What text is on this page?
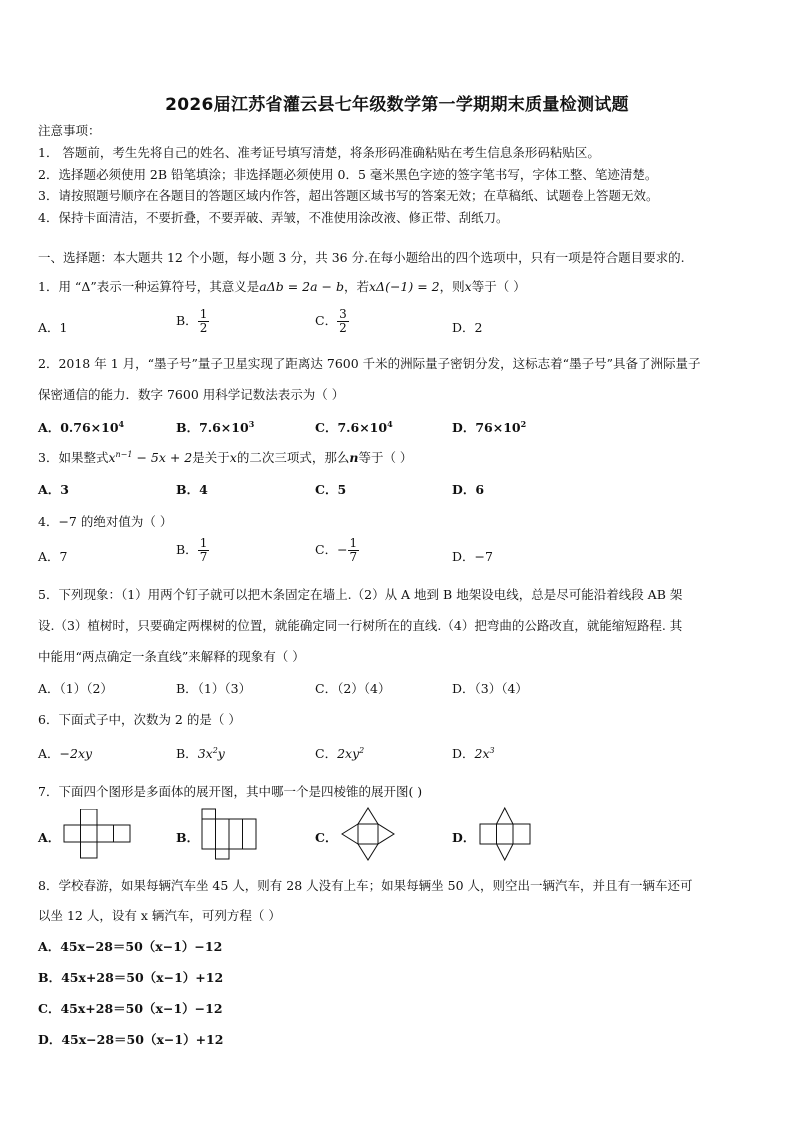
2026届江苏省灌云县七年级数学第一学期期末质量检测试题
注意事项：
1． 答题前，考生先将自己的姓名、准考证号填写清楚，将条形码准确粘贴在考生信息条形码粘贴区。
2．选择题必须使用 2B 铅笔填涂；非选择题必须使用 0．5 毫米黑色字迹的签字笔书写，字体工整、笔迹清楚。
3．请按照题号顺序在各题目的答题区域内作答，超出答题区域书写的答案无效；在草稿纸、试题卷上答题无效。
4．保持卡面清洁，不要折叠，不要弄破、弄皱，不准使用涂改液、修正带、刮纸刀。
一、选择题：本大题共 12 个小题，每小题 3 分，共 36 分.在每小题给出的四个选项中，只有一项是符合题目要求的.
1．用 “Δ”表示一种运算符号，其意义是aΔb = 2a − b，若xΔ(−1) = 2，则x等于（ ）
A．1	B． $\frac{1}{2}$	C． $\frac{3}{2}$	D．2
2．2018 年 1 月，“墨子号”量子卫星实现了距离达 7600 千米的洲际量子密钥分发，这标志着“墨子号”具备了洲际量子
保密通信的能力．数字 7600 用科学记数法表示为（ ）
A．$0.76\times 10^4$	B．$7.6\times 10^3$	C．$7.6\times 10^4$	D．$76\times 10^2$
3．如果整式$x^{n-1} - 5x + 2$是关于x的二次三项式，那么n等于（ ）
A．3	B．4	C．5	D．6
4．−7 的绝对值为（ ）
A．7	B． $\frac{1}{7}$	C．− $\frac{1}{7}$	D．−7
5．下列现象：（1）用两个钉子就可以把木条固定在墙上.（2）从 A 地到 B 地架设电线，总是尽可能沿着线段 AB 架
设.（3）植树时，只要确定两棵树的位置，就能确定同一行树所在的直线.（4）把弯曲的公路改直，就能缩短路程. 其
中能用“两点确定一条直线”来解释的现象有（ ）
A．（1）（2）	B．（1）（3）	C．（2）（4）	D．（3）（4）
6．下面式子中，次数为 2 的是（ ）
A．−2xy	B．$3x^2y$	C．$2xy^2$	D．$2x^3$
7．下面四个图形是多面体的展开图，其中哪一个是四棱锥的展开图( )
A．	B．	C．	D．
8．学校春游，如果每辆汽车坐 45 人，则有 28 人没有上车；如果每辆坐 50 人，则空出一辆汽车，并且有一辆车还可
以坐 12 人，设有 x 辆汽车，可列方程（ ）
A．45x−28＝50（x−1）−12
B．45x+28＝50（x−1）+12
C．45x+28＝50（x−1）−12
D．45x−28＝50（x−1）+12
